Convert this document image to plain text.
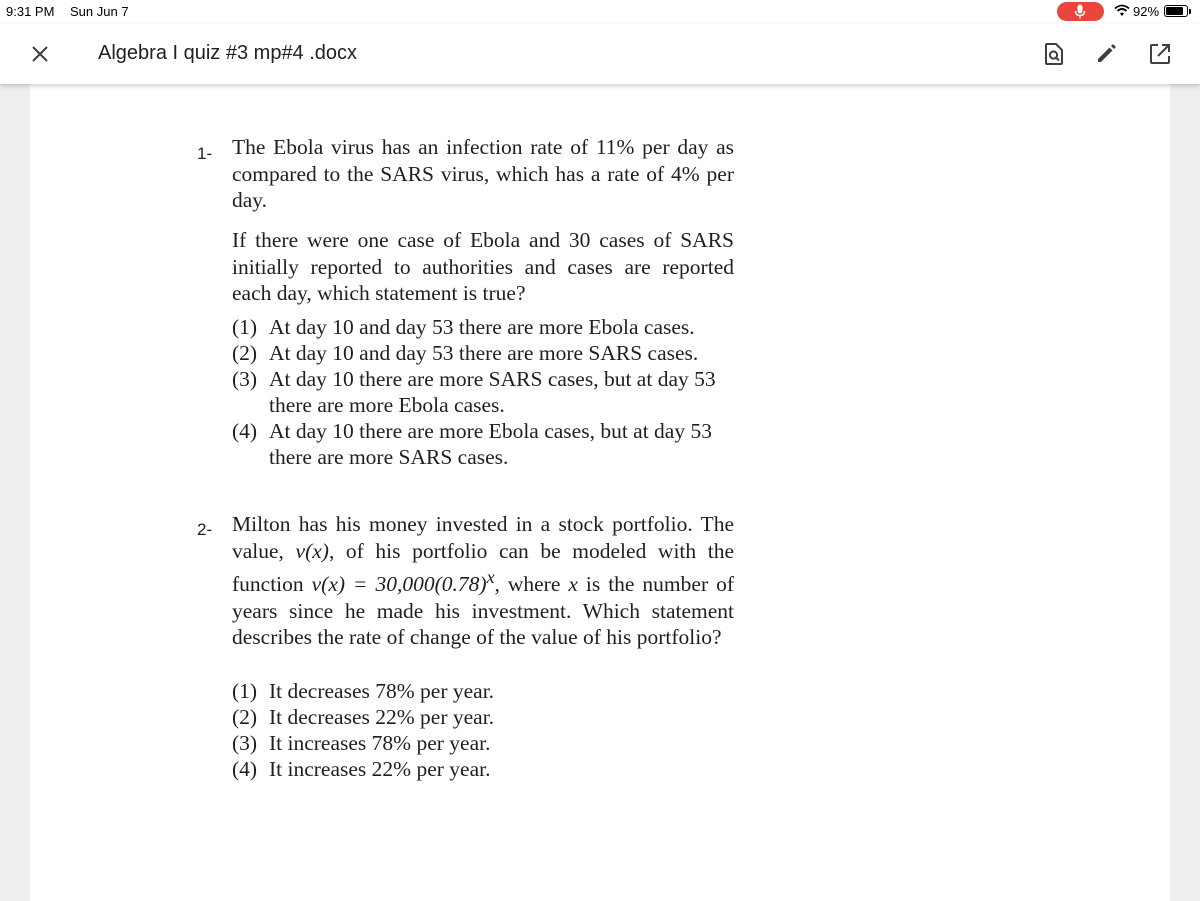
9:31 PM Sun Jun 7	92%
Algebra I quiz #3 mp#4 .docx
1- The Ebola virus has an infection rate of 11% per day as compared to the SARS virus, which has a rate of 4% per day.
If there were one case of Ebola and 30 cases of SARS initially reported to authorities and cases are reported each day, which statement is true?
(1) At day 10 and day 53 there are more Ebola cases.
(2) At day 10 and day 53 there are more SARS cases.
(3) At day 10 there are more SARS cases, but at day 53 there are more Ebola cases.
(4) At day 10 there are more Ebola cases, but at day 53 there are more SARS cases.
2- Milton has his money invested in a stock portfolio. The value, v(x), of his portfolio can be modeled with the function $v(x) = 30,000(0.78)^x$, where x is the number of years since he made his investment. Which statement describes the rate of change of the value of his portfolio?
(1) It decreases 78% per year.
(2) It decreases 22% per year.
(3) It increases 78% per year.
(4) It increases 22% per year.
